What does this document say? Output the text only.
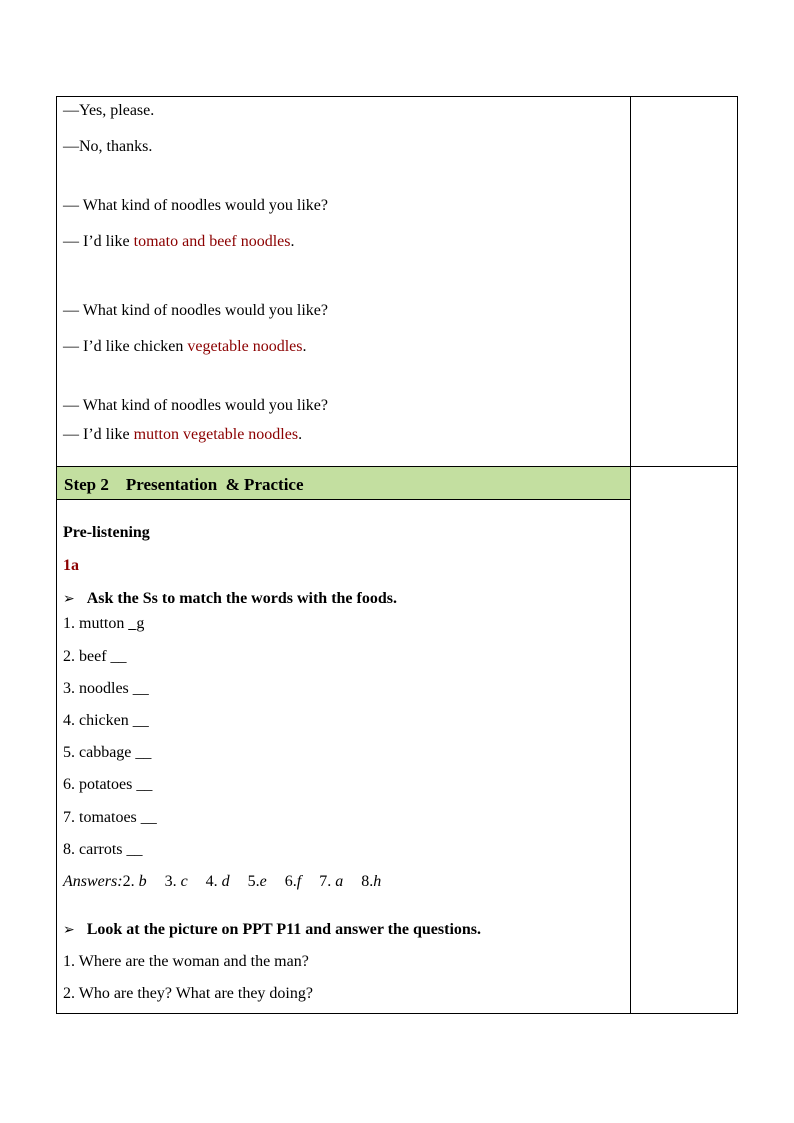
—Yes, please.
—No, thanks.
— What kind of noodles would you like?
— I’d like tomato and beef noodles.
— What kind of noodles would you like?
— I’d like chicken vegetable noodles.
— What kind of noodles would you like?
— I’d like mutton vegetable noodles.
Step 2    Presentation  & Practice
Pre-listening
1a
➢ Ask the Ss to match the words with the foods.
1. mutton _g
2. beef __
3. noodles __
4. chicken __
5. cabbage __
6. potatoes __
7. tomatoes __
8. carrots __
Answers:2. b 3. c 4. d 5.e 6.f 7. a 8.h
➢ Look at the picture on PPT P11 and answer the questions.
1. Where are the woman and the man?
2. Who are they? What are they doing?
